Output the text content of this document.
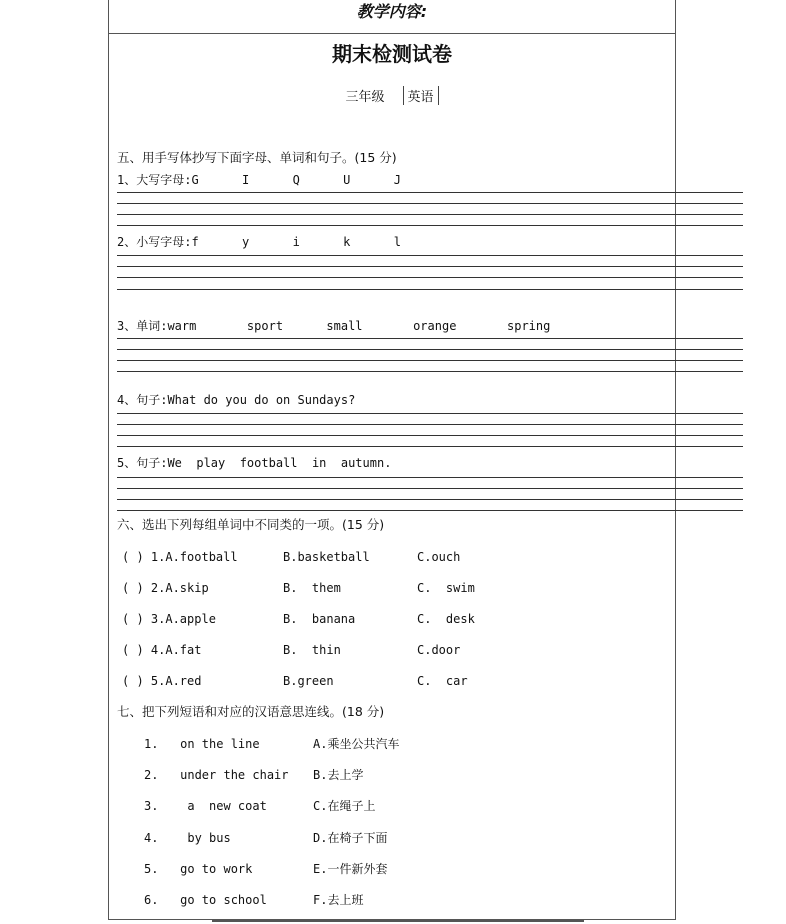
教学内容:
期末检测试卷
三年级 英语
五、用手写体抄写下面字母、单词和句子。(15 分)
1、大写字母:G      I      Q      U      J
2、小写字母:f      y      i      k      l
3、单词:warm       sport      small       orange       spring
4、句子:What do you do on Sundays?
5、句子:We  play  football  in  autumn.
六、选出下列每组单词中不同类的一项。(15 分)
( ) 1.A.football	B.basketball	C.ouch
( ) 2.A.skip	B.  them	C.  swim
( ) 3.A.apple	B.  banana	C.  desk
( ) 4.A.fat	B.  thin	C.door
( ) 5.A.red	B.green	C.  car
七、把下列短语和对应的汉语意思连线。(18 分)
1.   on the line	A.乘坐公共汽车
2.   under the chair B.去上学
3.    a  new coat	C.在绳子上
4.    by bus	D.在椅子下面
5.   go to work	E.一件新外套
6.   go to school	F.去上班
